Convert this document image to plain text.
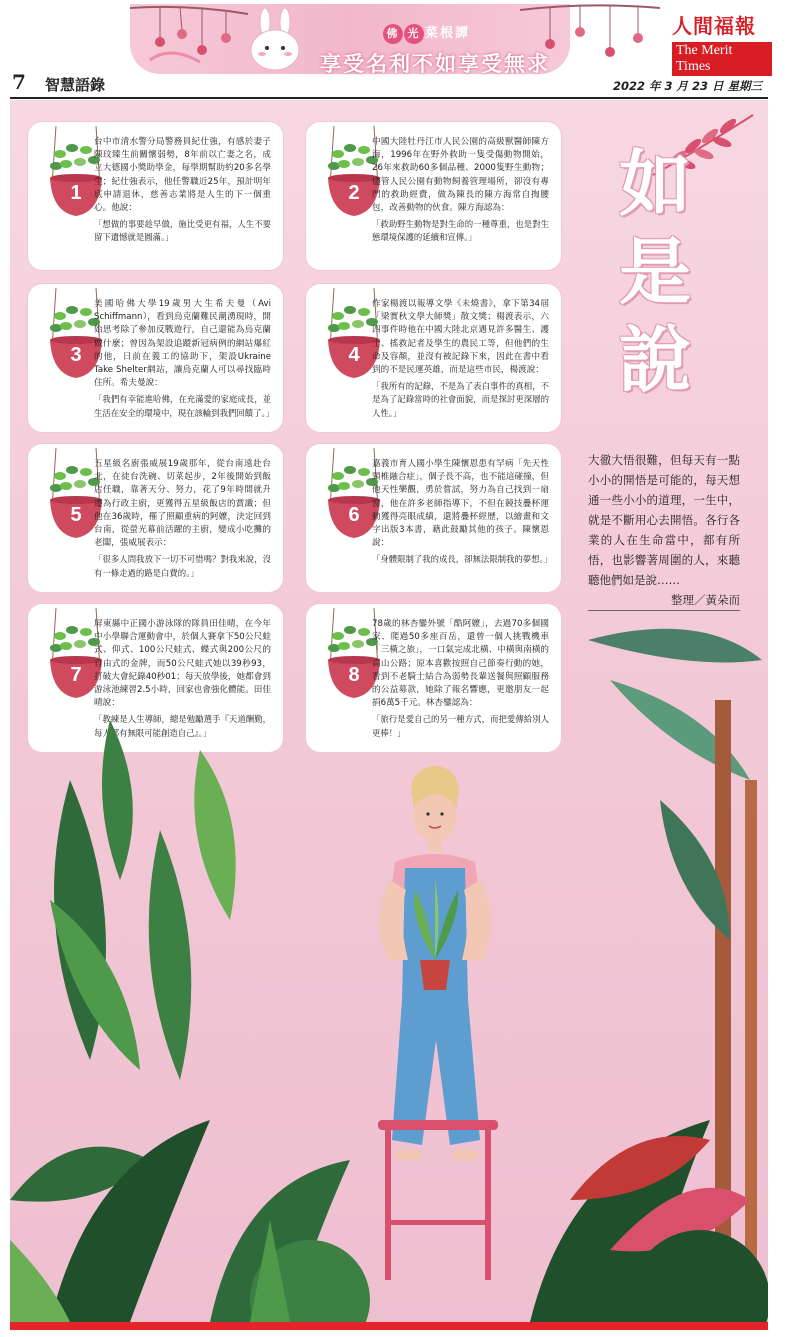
佛 光 菜根譚
享受名利不如享受無求
人間福報
The Merit Times
7 智慧語錄	2022 年 3 月 23 日 星期三
1
台中市清水警分局警務員紀仕強，有感於妻子陳玟臻生前關懷弱勢，8年前以亡妻之名，成立大德國小獎助學金，每學期幫助約20多名學生；紀仕強表示，他任警職近25年，預計明年底申請退休，慈善志業將是人生的下一個重心。他說：
「想做的事要趁早做，施比受更有福，人生不要留下遺憾就是圓滿。」
2
中國大陸牡丹江市人民公園的高級獸醫師陳方海，1996年在野外救助一隻受傷動物開始，26年來救助60多個品種、2000隻野生動物；儘管人民公園有動物飼養管理場所，卻沒有專門的救助經費，做為陳長的陳方海常自掏腰包，改善動物的伙食。陳方海認為：
「救助野生動物是對生命的一種尊重，也是對生態環境保護的延續和宣傳。」
3
美國哈佛大學19歲男大生希夫曼（Avi Schiffmann），看到烏克蘭難民潮湧現時，開始思考除了參加反戰遊行，自己還能為烏克蘭做什麼；曾因為架設追蹤新冠病例的網站爆紅的他，日前在義工的協助下，架設Ukraine Take Shelter網站，讓烏克蘭人可以尋找臨時住所。希夫曼說：
「我們有幸能進哈佛，在充滿愛的家庭成長，並生活在安全的環境中，現在該輪到我們回饋了。」
4
作家楊渡以報導文學《未燒書》，拿下第34屆「梁實秋文學大師獎」散文獎；楊渡表示，六四事件時他在中國大陸北京遇見許多醫生、護士、搖救記者及學生的農民工等，但他們的生命及容顏，並沒有被記錄下來，因此在書中看到的不是民運英雄，而是這些市民，楊渡說：
「我所有的記錄，不是為了表白事件的真相，不是為了記錄當時的社會面貌，而是探討更深層的人性。」
5
五星級名廚張威展19歲那年，從台南遠赴台北，在徒台洗碗、切菜起步，2年後開始到飯店任職，靠著天分、努力，花了9年時間就升遷為行政主廚，更獲得五星級飯店的賞識；但他在36歲時，罹了照顧重病的阿嬤，決定回到台南，從螢光幕前活躍的主廚，變成小吃攤的老闆，張威展表示：
「很多人問我放下一切不可惜嗎？對我來說，沒有一條走過的路是白費的。」
6
嘉義市育人國小學生陳懷恩患有罕病「先天性頸椎融合症」，個子長不高，也不能這碰撞，但他天性樂觀，勇於嘗試，努力為自己找到一扇窗，他在許多老師指導下，不但在競技疊杯運動獲得亮眼成績，還將疊杯經歷，以繪畫和文字出版3本書，藉此鼓勵其他的孩子。陳懷恩說：
「身體限制了我的成長，卻無法限制我的夢想。」
7
屏東縣中正國小游泳隊的隊員田佳晴，在今年中小學聯合運動會中，於個人賽拿下50公尺蛙式、仰式、100公尺蛙式、蝶式與200公尺的自由式的金牌，而50公尺蛙式她以39秒93，打破大會紀錄40秒01；每天放學後，她都會到游泳池練習2.5小時，回家也會強化體能。田佳晴說：
「教練是人生導師，總是勉勵選手『天道酬勤，每人都有無限可能創造自己』。」
8
78歲的林杏鑾外號「酷阿嬤」，去過70多個國家、爬過50多座百岳，還曾一個人挑戰機車「三橫之旅」，一口氣完成北橫、中橫與南橫的高山公路；原本喜歡按照自己節奏行動的她，看到不老騎士結合為弱勢長輩送餐與照顧服務的公益募款，她除了報名響應，更邀朋友一起捐6萬5千元。林杏鑾認為：
「旅行是愛自己的另一種方式，而把愛傳給別人更棒！」
如是說
大徹大悟很難，但每天有一點小小的開悟是可能的，每天想通一些小小的道理，一生中，就是不斷用心去開悟。各行各業的人在生命當中，都有所悟，也影響著周圍的人，來聽聽他們如是說……
整理／黃朵而
